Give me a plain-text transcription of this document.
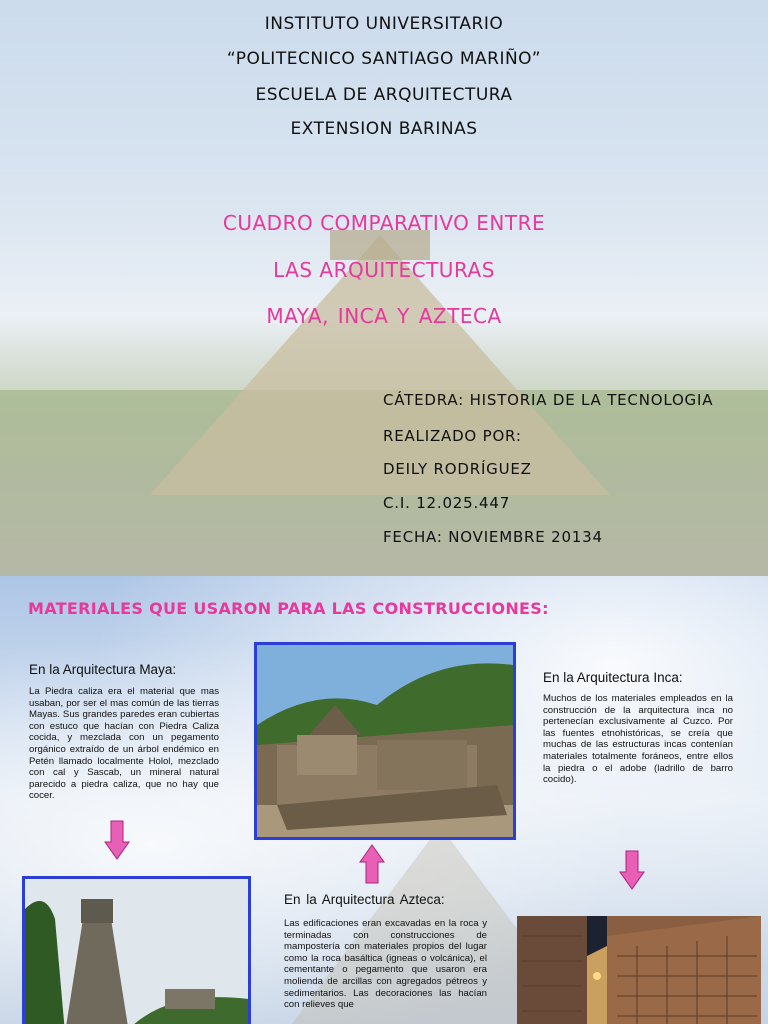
INSTITUTO UNIVERSITARIO
“POLITECNICO SANTIAGO MARIÑO”
ESCUELA DE ARQUITECTURA
EXTENSION BARINAS
CUADRO COMPARATIVO ENTRE
LAS ARQUITECTURAS
MAYA, INCA Y AZTECA
CÁTEDRA: HISTORIA DE LA TECNOLOGIA
REALIZADO POR:
DEILY RODRÍGUEZ
C.I. 12.025.447
FECHA: NOVIEMBRE 20134
MATERIALES QUE USARON PARA LAS CONSTRUCCIONES:
En la Arquitectura Maya:
La Piedra caliza era el material que mas usaban, por ser el mas común de las tierras Mayas. Sus grandes paredes eran cubiertas con estuco que hacían con Piedra Caliza cocida, y mezclada con un pegamento orgánico extraído de un árbol endémico en Petén llamado localmente Holol, mezclado con cal y Sascab, un mineral natural parecido a piedra caliza, que no hay que cocer.
En la Arquitectura Inca:
Muchos de los materiales empleados en la construcción de la arquitectura inca no pertenecían exclusivamente al Cuzco. Por las fuentes etnohistóricas, se creía que muchas de las estructuras incas contenían materiales totalmente foráneos, entre ellos la piedra o el adobe (ladrillo de barro cocido).
En la Arquitectura Azteca:
Las edificaciones eran excavadas en la roca y terminadas con construcciones de mampostería con materiales propios del lugar como la roca basáltica (igneas o volcánica), el cementante o pegamento que usaron era molienda de arcillas con agregados pétreos y sedimentarios. Las decoraciones las hacían con relieves que
